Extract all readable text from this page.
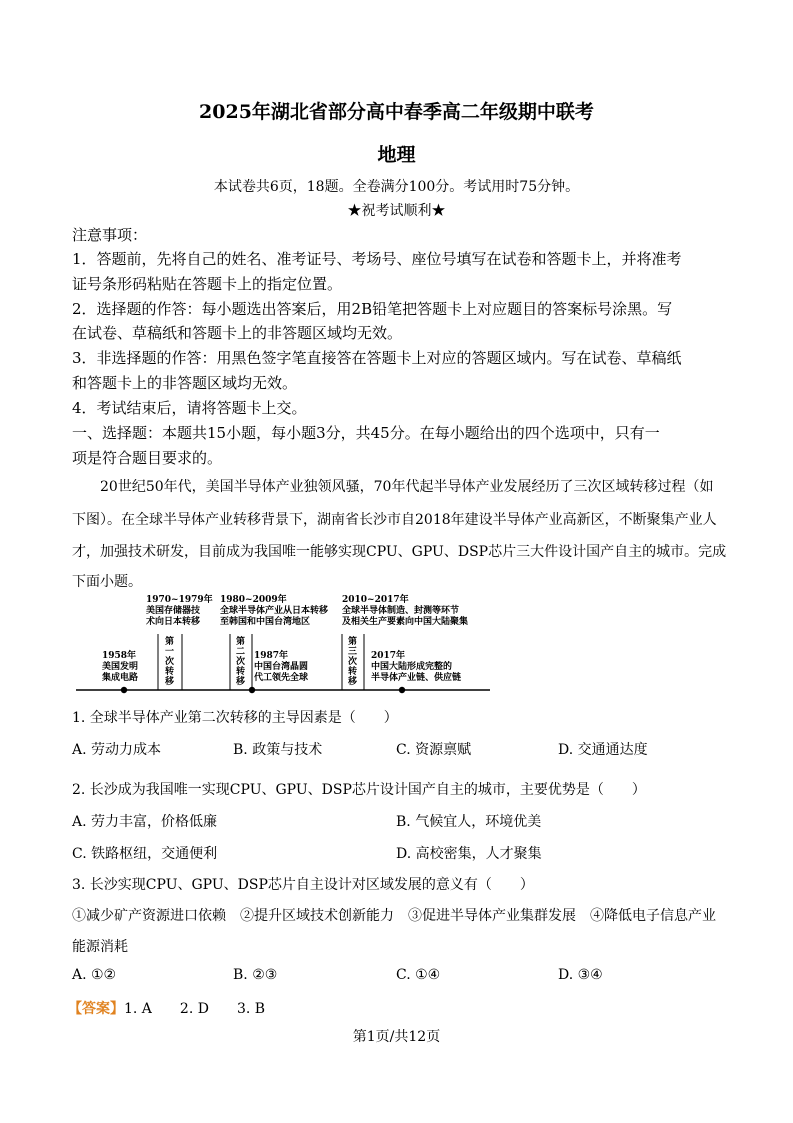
2025年湖北省部分高中春季高二年级期中联考
地理
本试卷共6页，18题。全卷满分100分。考试用时75分钟。
★祝考试顺利★
注意事项：
1．答题前，先将自己的姓名、准考证号、考场号、座位号填写在试卷和答题卡上，并将准考
证号条形码粘贴在答题卡上的指定位置。
2．选择题的作答：每小题选出答案后，用2B铅笔把答题卡上对应题目的答案标号涂黑。写
在试卷、草稿纸和答题卡上的非答题区域均无效。
3．非选择题的作答：用黑色签字笔直接答在答题卡上对应的答题区域内。写在试卷、草稿纸
和答题卡上的非答题区域均无效。
4．考试结束后，请将答题卡上交。
一、选择题：本题共15小题，每小题3分，共45分。在每小题给出的四个选项中，只有一
项是符合题目要求的。
20世纪50年代，美国半导体产业独领风骚，70年代起半导体产业发展经历了三次区域转移过程（如
下图）。在全球半导体产业转移背景下，湖南省长沙市自2018年建设半导体产业高新区，不断聚集产业人
才，加强技术研发，目前成为我国唯一能够实现CPU、GPU、DSP芯片三大件设计国产自主的城市。完成
下面小题。
1970~1979年
美国存储器技
术向日本转移
1980~2009年
全球半导体产业从日本转移
至韩国和中国台湾地区
2010~2017年
全球半导体制造、封测等环节
及相关生产要素向中国大陆聚集
第
一
次
转
移
第
二
次
转
移
第
三
次
转
移
1958年
美国发明
集成电路
1987年
中国台湾晶圆
代工领先全球
2017年
中国大陆形成完整的
半导体产业链、供应链
1. 全球半导体产业第二次转移的主导因素是（　　）
A. 劳动力成本	B. 政策与技术	C. 资源禀赋	D. 交通通达度
2. 长沙成为我国唯一实现CPU、GPU、DSP芯片设计国产自主的城市，主要优势是（　　）
A. 劳力丰富，价格低廉	B. 气候宜人，环境优美
C. 铁路枢纽，交通便利	D. 高校密集，人才聚集
3. 长沙实现CPU、GPU、DSP芯片自主设计对区域发展的意义有（　　）
①减少矿产资源进口依赖　②提升区域技术创新能力　③促进半导体产业集群发展　④降低电子信息产业
能源消耗
A. ①②	B. ②③	C. ①④	D. ③④
【答案】1. A　　2. D　　3. B
第1页/共12页
